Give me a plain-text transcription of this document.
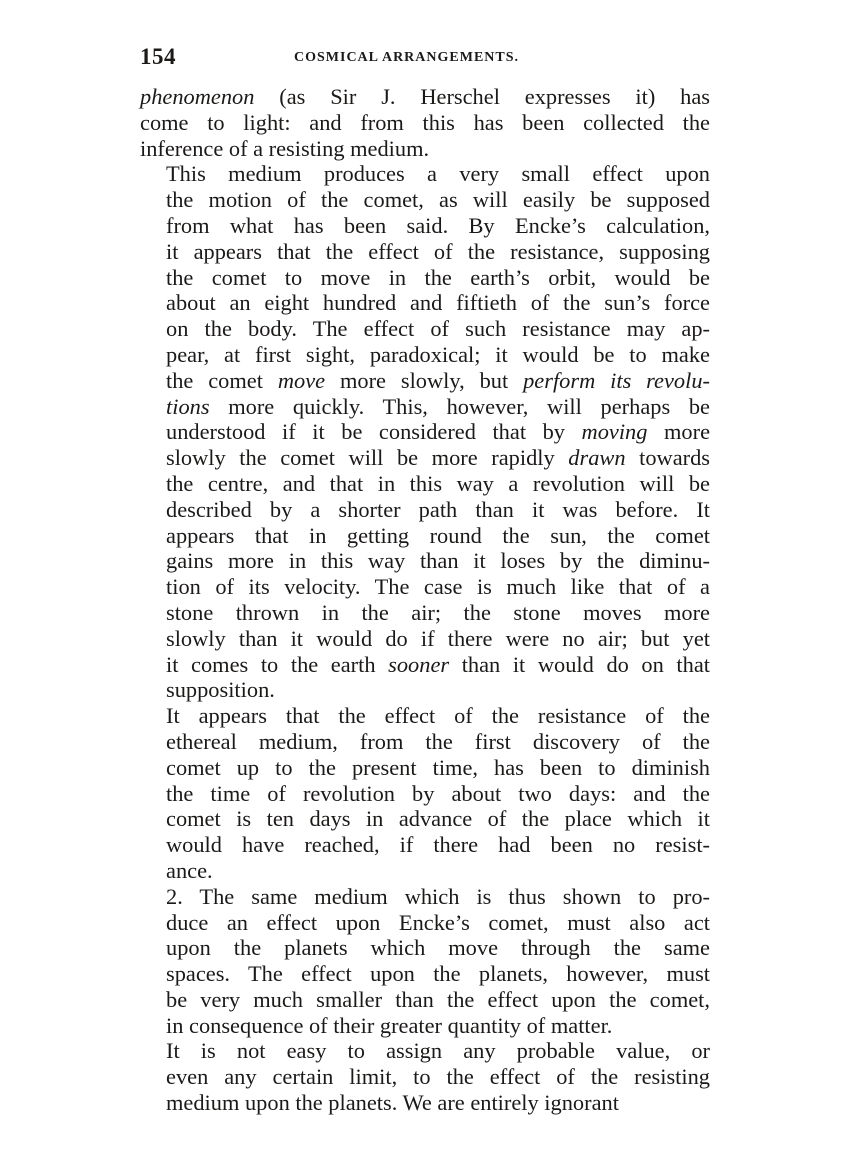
154	COSMICAL ARRANGEMENTS.

phenomenon (as Sir J. Herschel expresses it) has
come to light: and from this has been collected the
inference of a resisting medium.

This medium produces a very small effect upon
the motion of the comet, as will easily be supposed
from what has been said. By Encke’s calculation,
it appears that the effect of the resistance, supposing
the comet to move in the earth’s orbit, would be
about an eight hundred and fiftieth of the sun’s force
on the body. The effect of such resistance may ap-
pear, at first sight, paradoxical; it would be to make
the comet move more slowly, but perform its revolu-
tions more quickly. This, however, will perhaps be
understood if it be considered that by moving more
slowly the comet will be more rapidly drawn towards
the centre, and that in this way a revolution will be
described by a shorter path than it was before. It
appears that in getting round the sun, the comet
gains more in this way than it loses by the diminu-
tion of its velocity. The case is much like that of a
stone thrown in the air; the stone moves more
slowly than it would do if there were no air; but yet
it comes to the earth sooner than it would do on that
supposition.

It appears that the effect of the resistance of the
ethereal medium, from the first discovery of the
comet up to the present time, has been to diminish
the time of revolution by about two days: and the
comet is ten days in advance of the place which it
would have reached, if there had been no resist-
ance.

2. The same medium which is thus shown to pro-
duce an effect upon Encke’s comet, must also act
upon the planets which move through the same
spaces. The effect upon the planets, however, must
be very much smaller than the effect upon the comet,
in consequence of their greater quantity of matter.

It is not easy to assign any probable value, or
even any certain limit, to the effect of the resisting
medium upon the planets. We are entirely ignorant
